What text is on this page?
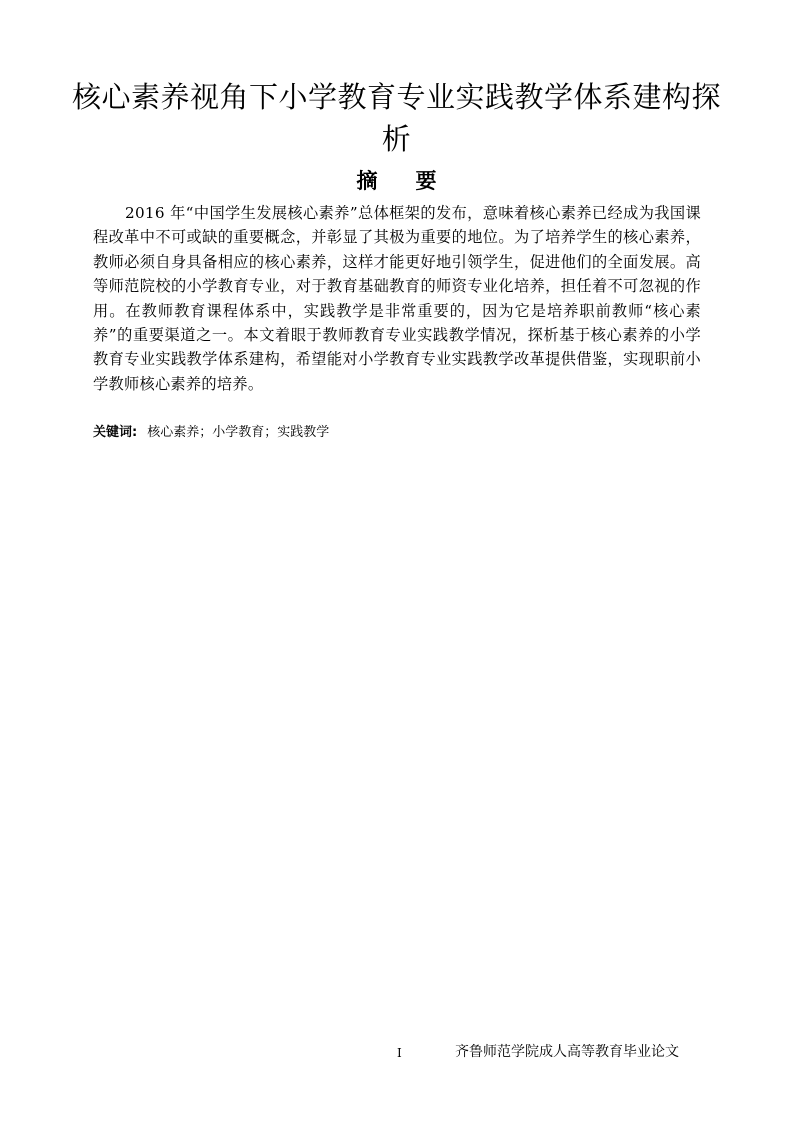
核心素养视角下小学教育专业实践教学体系建构探析
摘 要

2016 年“中国学生发展核心素养”总体框架的发布，意味着核心素养已经成为我国课程改革中不可或缺的重要概念，并彰显了其极为重要的地位。为了培养学生的核心素养，教师必须自身具备相应的核心素养，这样才能更好地引领学生，促进他们的全面发展。高等师范院校的小学教育专业，对于教育基础教育的师资专业化培养，担任着不可忽视的作用。在教师教育课程体系中，实践教学是非常重要的，因为它是培养职前教师“核心素养”的重要渠道之一。本文着眼于教师教育专业实践教学情况，探析基于核心素养的小学教育专业实践教学体系建构，希望能对小学教育专业实践教学改革提供借鉴，实现职前小学教师核心素养的培养。

关键词: 核心素养；小学教育；实践教学
I	齐鲁师范学院成人高等教育毕业论文
